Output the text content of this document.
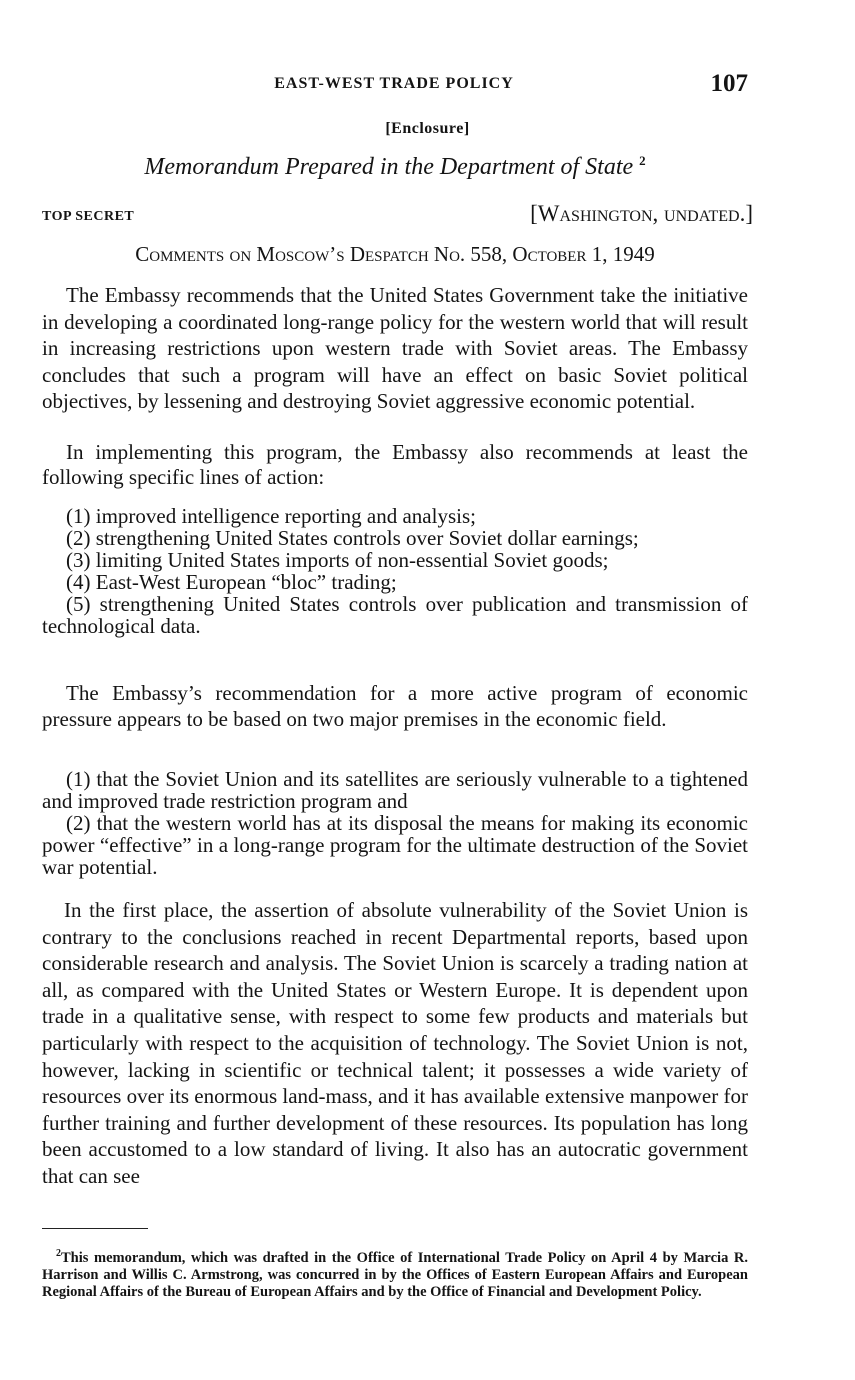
EAST-WEST TRADE POLICY	107
[Enclosure]
Memorandum Prepared in the Department of State $^2$
TOP SECRET	[Washington, undated.]
Comments on Moscow’s Despatch No. 558, October 1, 1949

The Embassy recommends that the United States Government take the initiative in developing a coordinated long-range policy for the western world that will result in increasing restrictions upon western trade with Soviet areas. The Embassy concludes that such a program will have an effect on basic Soviet political objectives, by lessening and destroying Soviet aggressive economic potential.

In implementing this program, the Embassy also recommends at least the following specific lines of action:

(1) improved intelligence reporting and analysis;
(2) strengthening United States controls over Soviet dollar earnings;
(3) limiting United States imports of non-essential Soviet goods;
(4) East-West European “bloc” trading;
(5) strengthening United States controls over publication and transmission of technological data.

The Embassy’s recommendation for a more active program of economic pressure appears to be based on two major premises in the economic field.

(1) that the Soviet Union and its satellites are seriously vulnerable to a tightened and improved trade restriction program and
(2) that the western world has at its disposal the means for making its economic power “effective” in a long-range program for the ultimate destruction of the Soviet war potential.

In the first place, the assertion of absolute vulnerability of the Soviet Union is contrary to the conclusions reached in recent Departmental reports, based upon considerable research and analysis. The Soviet Union is scarcely a trading nation at all, as compared with the United States or Western Europe. It is dependent upon trade in a qualitative sense, with respect to some few products and materials but particularly with respect to the acquisition of technology. The Soviet Union is not, however, lacking in scientific or technical talent; it possesses a wide variety of resources over its enormous land-mass, and it has available extensive manpower for further training and further development of these resources. Its population has long been accustomed to a low standard of living. It also has an autocratic government that can see

$^2$This memorandum, which was drafted in the Office of International Trade Policy on April 4 by Marcia R. Harrison and Willis C. Armstrong, was concurred in by the Offices of Eastern European Affairs and European Regional Affairs of the Bureau of European Affairs and by the Office of Financial and Development Policy.
